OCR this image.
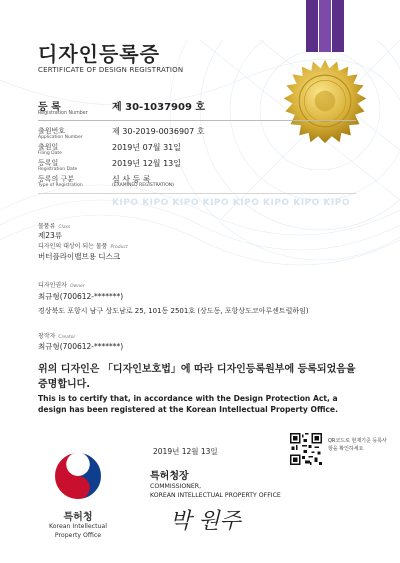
디자인등록증
CERTIFICATE OF DESIGN REGISTRATION
등 록
Registration Number
제 30-1037909 호
출원번호
Application Number
제 30-2019-0036907 호
출원일
Filing Date
2019년 07월 31일
등록일
Registration Date
2019년 12월 13일
등록의 구분
Type of Registration
심 사 등 록
(EXAMINED REGISTRATION)
KIPO KIPO KIPO KIPO KIPO KIPO KIPO KIPO
물품류 Class
제23류
디자인의 대상이 되는 물품 Product
버터플라이밸브용 디스크
디자인권자 Owner
최규형(700612-*******)
경상북도 포항시 남구 상도남로 25, 101동 2501호 (상도동, 포항상도코아루센트럴하임)
창작자 Creator
최규형(700612-*******)
위의 디자인은 「디자인보호법」에 따라 디자인등록원부에 등록되었음을 증명합니다.
This is to certify that, in accordance with the Design Protection Act, a design has been registered at the Korean Intellectual Property Office.
2019년 12월 13일
QR코드로 현재기준 등록사항을 확인하세요
특허청
Korean Intellectual
Property Office
특허청장
COMMISSIONER,
KOREAN INTELLECTUAL PROPERTY OFFICE
박 원주
